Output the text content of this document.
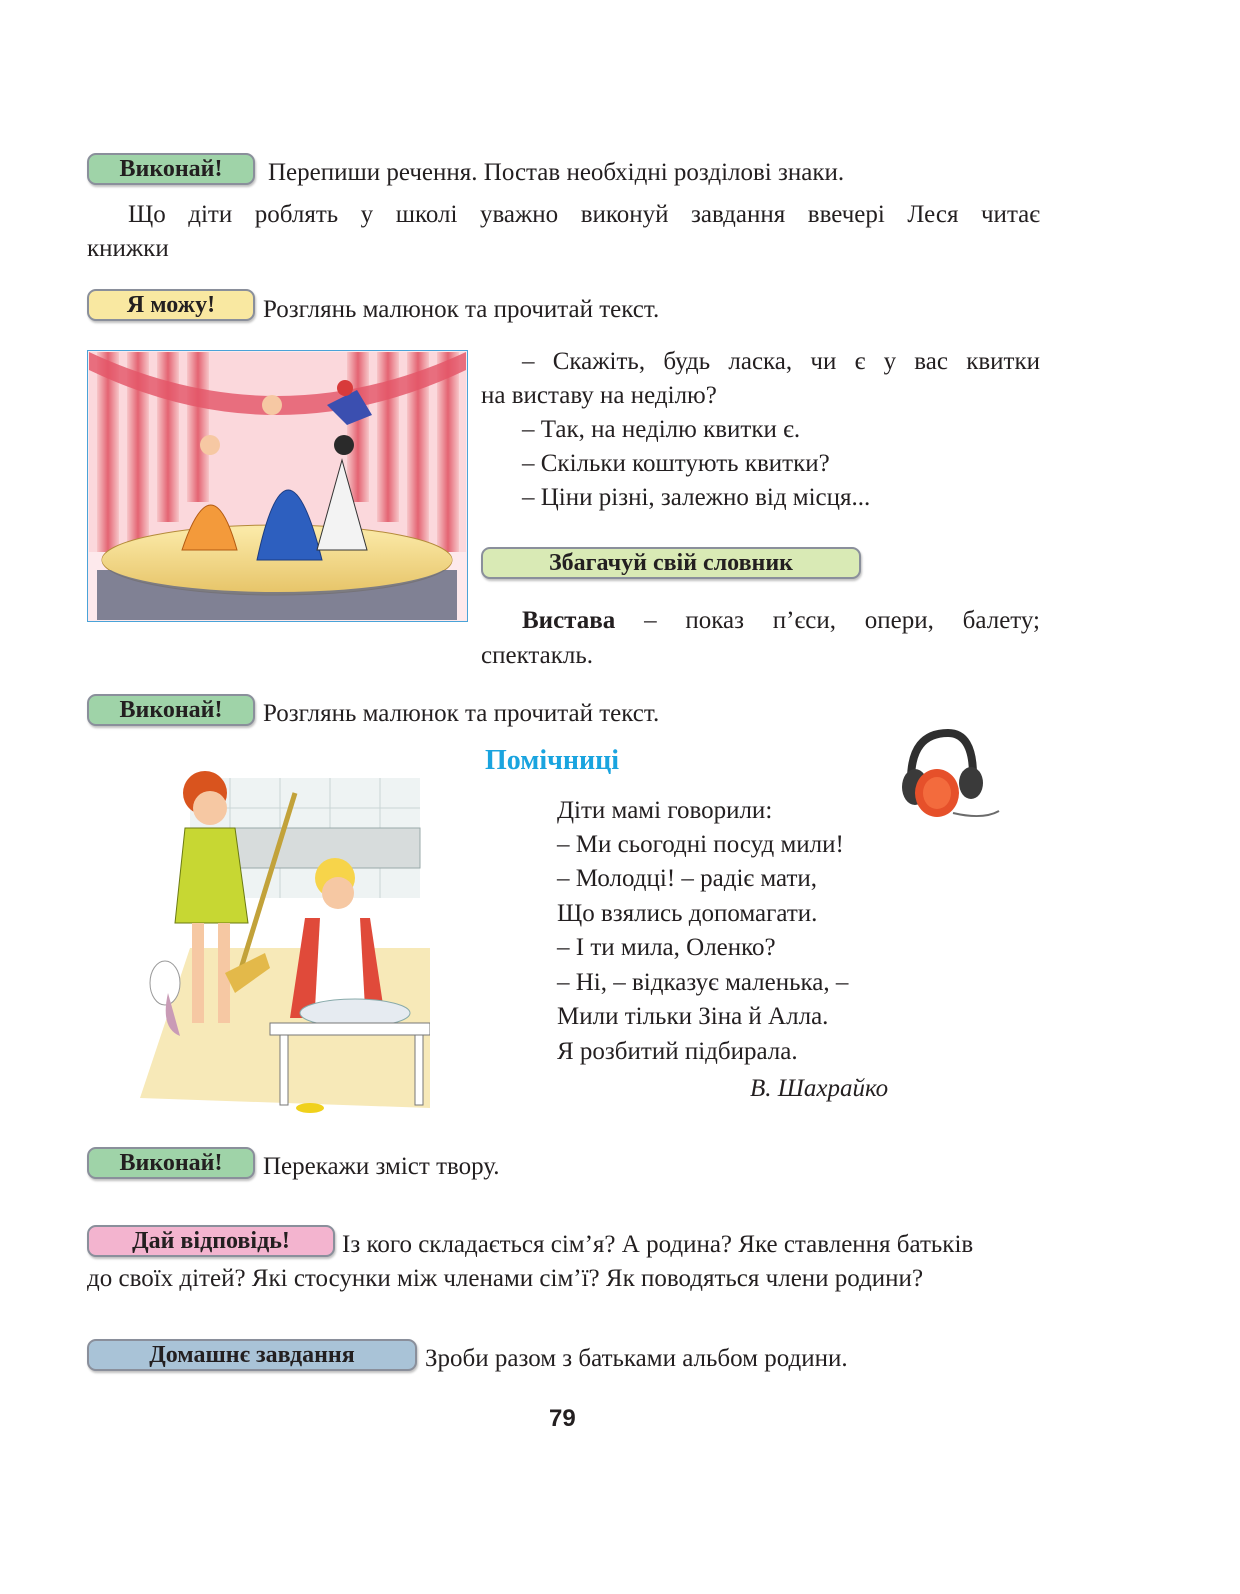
Виконай!	Перепиши речення. Постав необхідні розділові знаки.
Що діти роблять у школі уважно виконуй завдання ввечері Леся читає
книжки
Я можу!	Розглянь малюнок та прочитай текст.
– Скажіть, будь ласка, чи є у вас квитки
на виставу на неділю?
– Так, на неділю квитки є.
– Скільки коштують квитки?
– Ціни різні, залежно від місця...
Збагачуй свій словник
Вистава – показ п’єси, опери, балету;
спектакль.
Виконай!	Розглянь малюнок та прочитай текст.
Помічниці
Діти мамі говорили:
– Ми сьогодні посуд мили!
– Молодці! – радіє мати,
Що взялись допомагати.
– І ти мила, Оленко?
– Ні, – відказує маленька, –
Мили тільки Зіна й Алла.
Я розбитий підбирала.
В. Шахрайко
Виконай!	Перекажи зміст твору.
Дай відповідь!	Із кого складається сім’я? А родина? Яке ставлення батьків
до своїх дітей? Які стосунки між членами сім’ї? Як поводяться члени родини?
Домашнє завдання	Зроби разом з батьками альбом родини.
79
